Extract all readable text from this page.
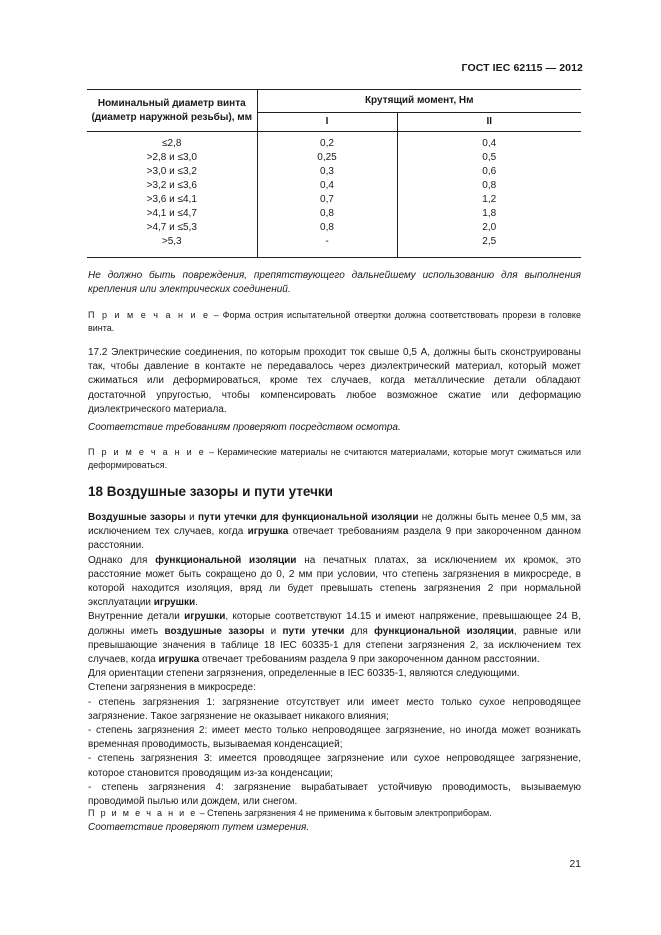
ГОСТ IEC 62115 — 2012
Номинальный диаметр винта
(диаметр наружной резьбы), мм	Крутящий момент, Нм	
	I	II
≤2,8	0,2	0,4
>2,8 и ≤3,0	0,25	0,5
>3,0 и ≤3,2	0,3	0,6
>3,2 и ≤3,6	0,4	0,8
>3,6 и ≤4,1	0,7	1,2
>4,1 и ≤4,7	0,8	1,8
>4,7 и ≤5,3	0,8	2,0
>5,3	-	2,5
Не должно быть повреждения, препятствующего дальнейшему использованию для выполнения крепления или электрических соединений.
П р и м е ч а н и е – Форма острия испытательной отвертки должна соответствовать прорези в головке винта.
17.2 Электрические соединения, по которым проходит ток свыше 0,5 А, должны быть сконструированы так, чтобы давление в контакте не передавалось через диэлектрический материал, который может сжиматься или деформироваться, кроме тех случаев, когда металлические детали обладают достаточной упругостью, чтобы компенсировать любое возможное сжатие или деформацию диэлектрического материала.
Соответствие требованиям проверяют посредством осмотра.
П р и м е ч а н и е – Керамические материалы не считаются материалами, которые могут сжиматься или деформироваться.
18 Воздушные зазоры и пути утечки

Воздушные зазоры и пути утечки для функциональной изоляции не должны быть менее 0,5 мм, за исключением тех случаев, когда игрушка отвечает требованиям раздела 9 при закороченном данном расстоянии.

Однако для функциональной изоляции на печатных платах, за исключением их кромок, это расстояние может быть сокращено до 0, 2 мм при условии, что степень загрязнения в микросреде, в которой находится изоляция, вряд ли будет превышать степень загрязнения 2 при нормальной эксплуатации игрушки.

Внутренние детали игрушки, которые соответствуют 14.15 и имеют напряжение, превышающее 24 В, должны иметь воздушные зазоры и пути утечки для функциональной изоляции, равные или превышающие значения в таблице 18 IEC 60335-1 для степени загрязнения 2, за исключением тех случаев, когда игрушка отвечает требованиям раздела 9 при закороченном данном расстоянии.

Для ориентации степени загрязнения, определенные в IEC 60335-1, являются следующими.

Степени загрязнения в микросреде:

- степень загрязнения 1: загрязнение отсутствует или имеет место только сухое непроводящее загрязнение. Такое загрязнение не оказывает никакого влияния;

- степень загрязнения 2: имеет место только непроводящее загрязнение, но иногда может возникать временная проводимость, вызываемая конденсацией;

- степень загрязнения 3: имеется проводящее загрязнение или сухое непроводящее загрязнение, которое становится проводящим из-за конденсации;

- степень загрязнения 4: загрязнение вырабатывает устойчивую проводимость, вызываемую проводимой пылью или дождем, или снегом.

П р и м е ч а н и е – Степень загрязнения 4 не применима к бытовым электроприборам.
Соответствие проверяют путем измерения.
21
